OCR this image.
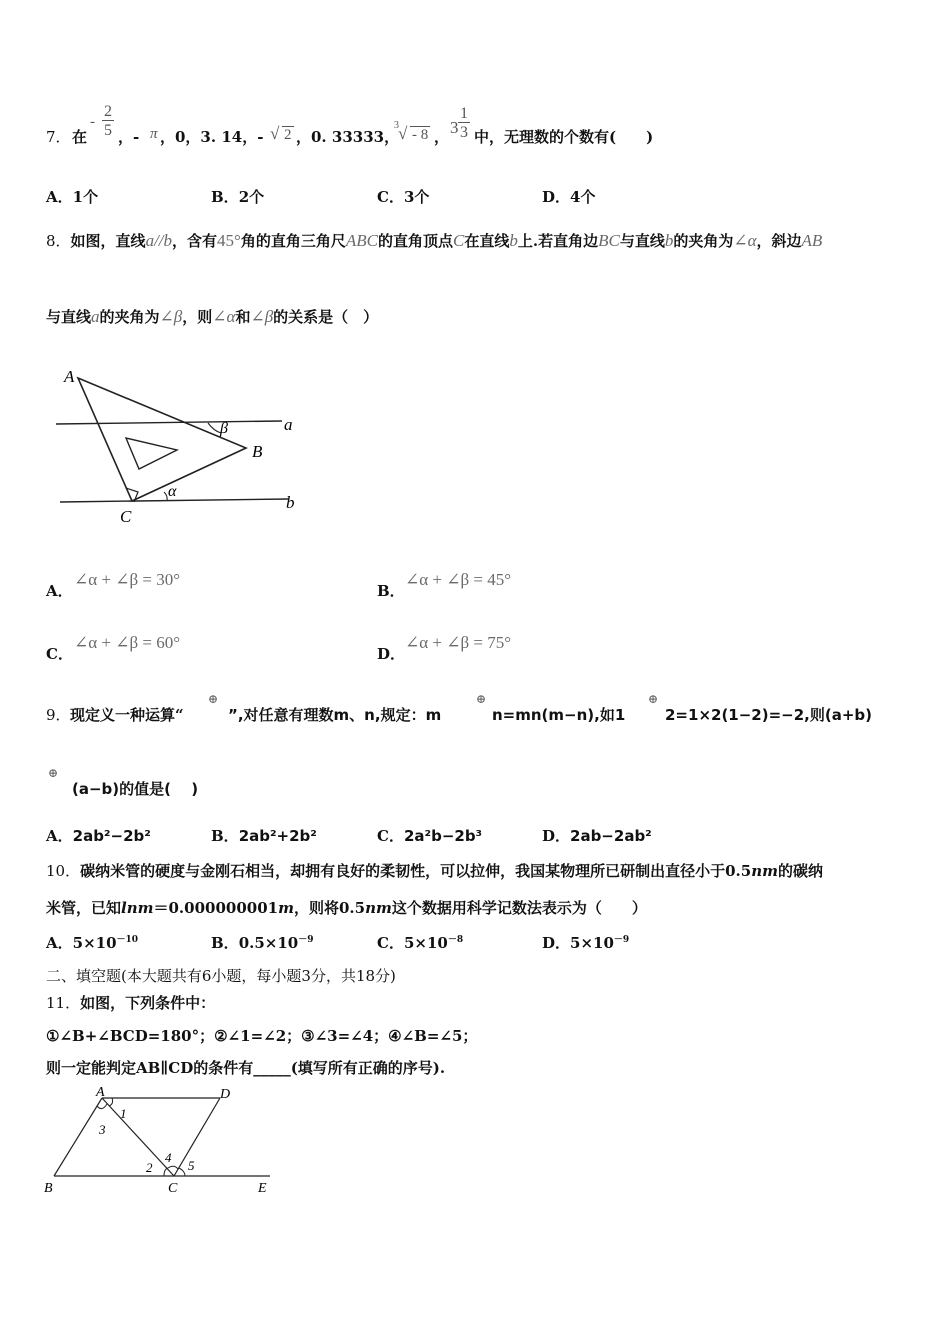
7． 在
- $\frac{2}{5}$ ，- π ，0，3. 14，- √ 2 ，0. 33333，
3 √ - 8 ， $3 \frac{1}{3}$ 中，无理数的个数有(　　)
A．1个	B．2个	C．3个	D．4个
8．如图，直线a//b，含有45°角的直角三角尺ABC的直角顶点C在直线b上.若直角边BC与直线b的夹角为∠α，斜边AB
与直线a的夹角为∠β，则∠α和∠β的关系是（　）
A
B
C
a
b
α
β
A．
∠α + ∠β = 30°
B．
∠α + ∠β = 45°
C．
∠α + ∠β = 60°
D．
∠α + ∠β = 75°
9． 现定义一种运算“
⊕
”,对任意有理数m、n,规定：m
⊕
n=mn(m−n),如1
⊕
2=1×2(1−2)=−2,则(a+b)
⊕
(a−b)的值是(　 )
A．2ab²−2b²	B．2ab²+2b²	C．2a²b−2b³	D．2ab−2ab²
10．碳纳米管的硬度与金刚石相当，却拥有良好的柔韧性，可以拉伸，我国某物理所已研制出直径小于0.5nm的碳纳
米管，已知lnm＝0.000000001m，则将0.5nm这个数据用科学记数法表示为（　　）
A．$5\times 10^{-10}$	B．$0.5\times 10^{-9}$	C．$5\times 10^{-8}$	D．$5\times 10^{-9}$
二、填空题(本大题共有6小题，每小题3分，共18分)
11．如图，下列条件中：
①∠B+∠BCD=180°；②∠1=∠2；③∠3=∠4；④∠B=∠5；
则一定能判定AB∥CD的条件有_____(填写所有正确的序号).
A	D
B	C	E
1
3
2
4
5
